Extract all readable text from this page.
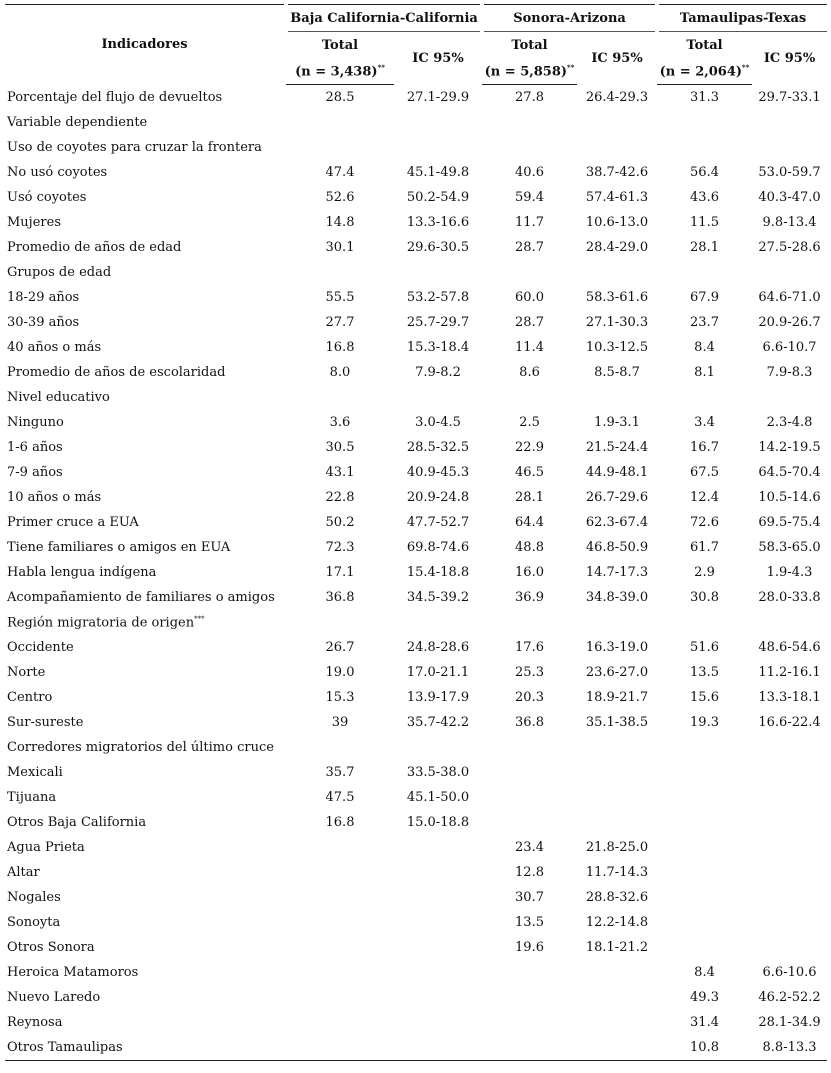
Indicadores	Baja California-California		Sonora-Arizona		Tamaulipas-Texas	
	Total	IC 95%	Total	IC 95%	Total	IC 95%
	(n = 3,438)**		(n = 5,858)**		(n = 2,064)**
Porcentaje del flujo de devueltos	28.5	27.1-29.9	27.8	26.4-29.3	31.3	29.7-33.1
Variable dependiente						
Uso de coyotes para cruzar la frontera						
No usó coyotes	47.4	45.1-49.8	40.6	38.7-42.6	56.4	53.0-59.7
Usó coyotes	52.6	50.2-54.9	59.4	57.4-61.3	43.6	40.3-47.0
Mujeres	14.8	13.3-16.6	11.7	10.6-13.0	11.5	9.8-13.4
Promedio de años de edad	30.1	29.6-30.5	28.7	28.4-29.0	28.1	27.5-28.6
Grupos de edad						
18-29 años	55.5	53.2-57.8	60.0	58.3-61.6	67.9	64.6-71.0
30-39 años	27.7	25.7-29.7	28.7	27.1-30.3	23.7	20.9-26.7
40 años o más	16.8	15.3-18.4	11.4	10.3-12.5	8.4	6.6-10.7
Promedio de años de escolaridad	8.0	7.9-8.2	8.6	8.5-8.7	8.1	7.9-8.3
Nivel educativo						
Ninguno	3.6	3.0-4.5	2.5	1.9-3.1	3.4	2.3-4.8
1-6 años	30.5	28.5-32.5	22.9	21.5-24.4	16.7	14.2-19.5
7-9 años	43.1	40.9-45.3	46.5	44.9-48.1	67.5	64.5-70.4
10 años o más	22.8	20.9-24.8	28.1	26.7-29.6	12.4	10.5-14.6
Primer cruce a EUA	50.2	47.7-52.7	64.4	62.3-67.4	72.6	69.5-75.4
Tiene familiares o amigos en EUA	72.3	69.8-74.6	48.8	46.8-50.9	61.7	58.3-65.0
Habla lengua indígena	17.1	15.4-18.8	16.0	14.7-17.3	2.9	1.9-4.3
Acompañamiento de familiares o amigos	36.8	34.5-39.2	36.9	34.8-39.0	30.8	28.0-33.8
Región migratoria de origen***						
Occidente	26.7	24.8-28.6	17.6	16.3-19.0	51.6	48.6-54.6
Norte	19.0	17.0-21.1	25.3	23.6-27.0	13.5	11.2-16.1
Centro	15.3	13.9-17.9	20.3	18.9-21.7	15.6	13.3-18.1
Sur-sureste	39	35.7-42.2	36.8	35.1-38.5	19.3	16.6-22.4
Corredores migratorios del último cruce						
Mexicali	35.7	33.5-38.0				
Tijuana	47.5	45.1-50.0				
Otros Baja California	16.8	15.0-18.8				
Agua Prieta			23.4	21.8-25.0		
Altar			12.8	11.7-14.3		
Nogales			30.7	28.8-32.6		
Sonoyta			13.5	12.2-14.8		
Otros Sonora			19.6	18.1-21.2		
Heroica Matamoros					8.4	6.6-10.6
Nuevo Laredo					49.3	46.2-52.2
Reynosa					31.4	28.1-34.9
Otros Tamaulipas					10.8	8.8-13.3
